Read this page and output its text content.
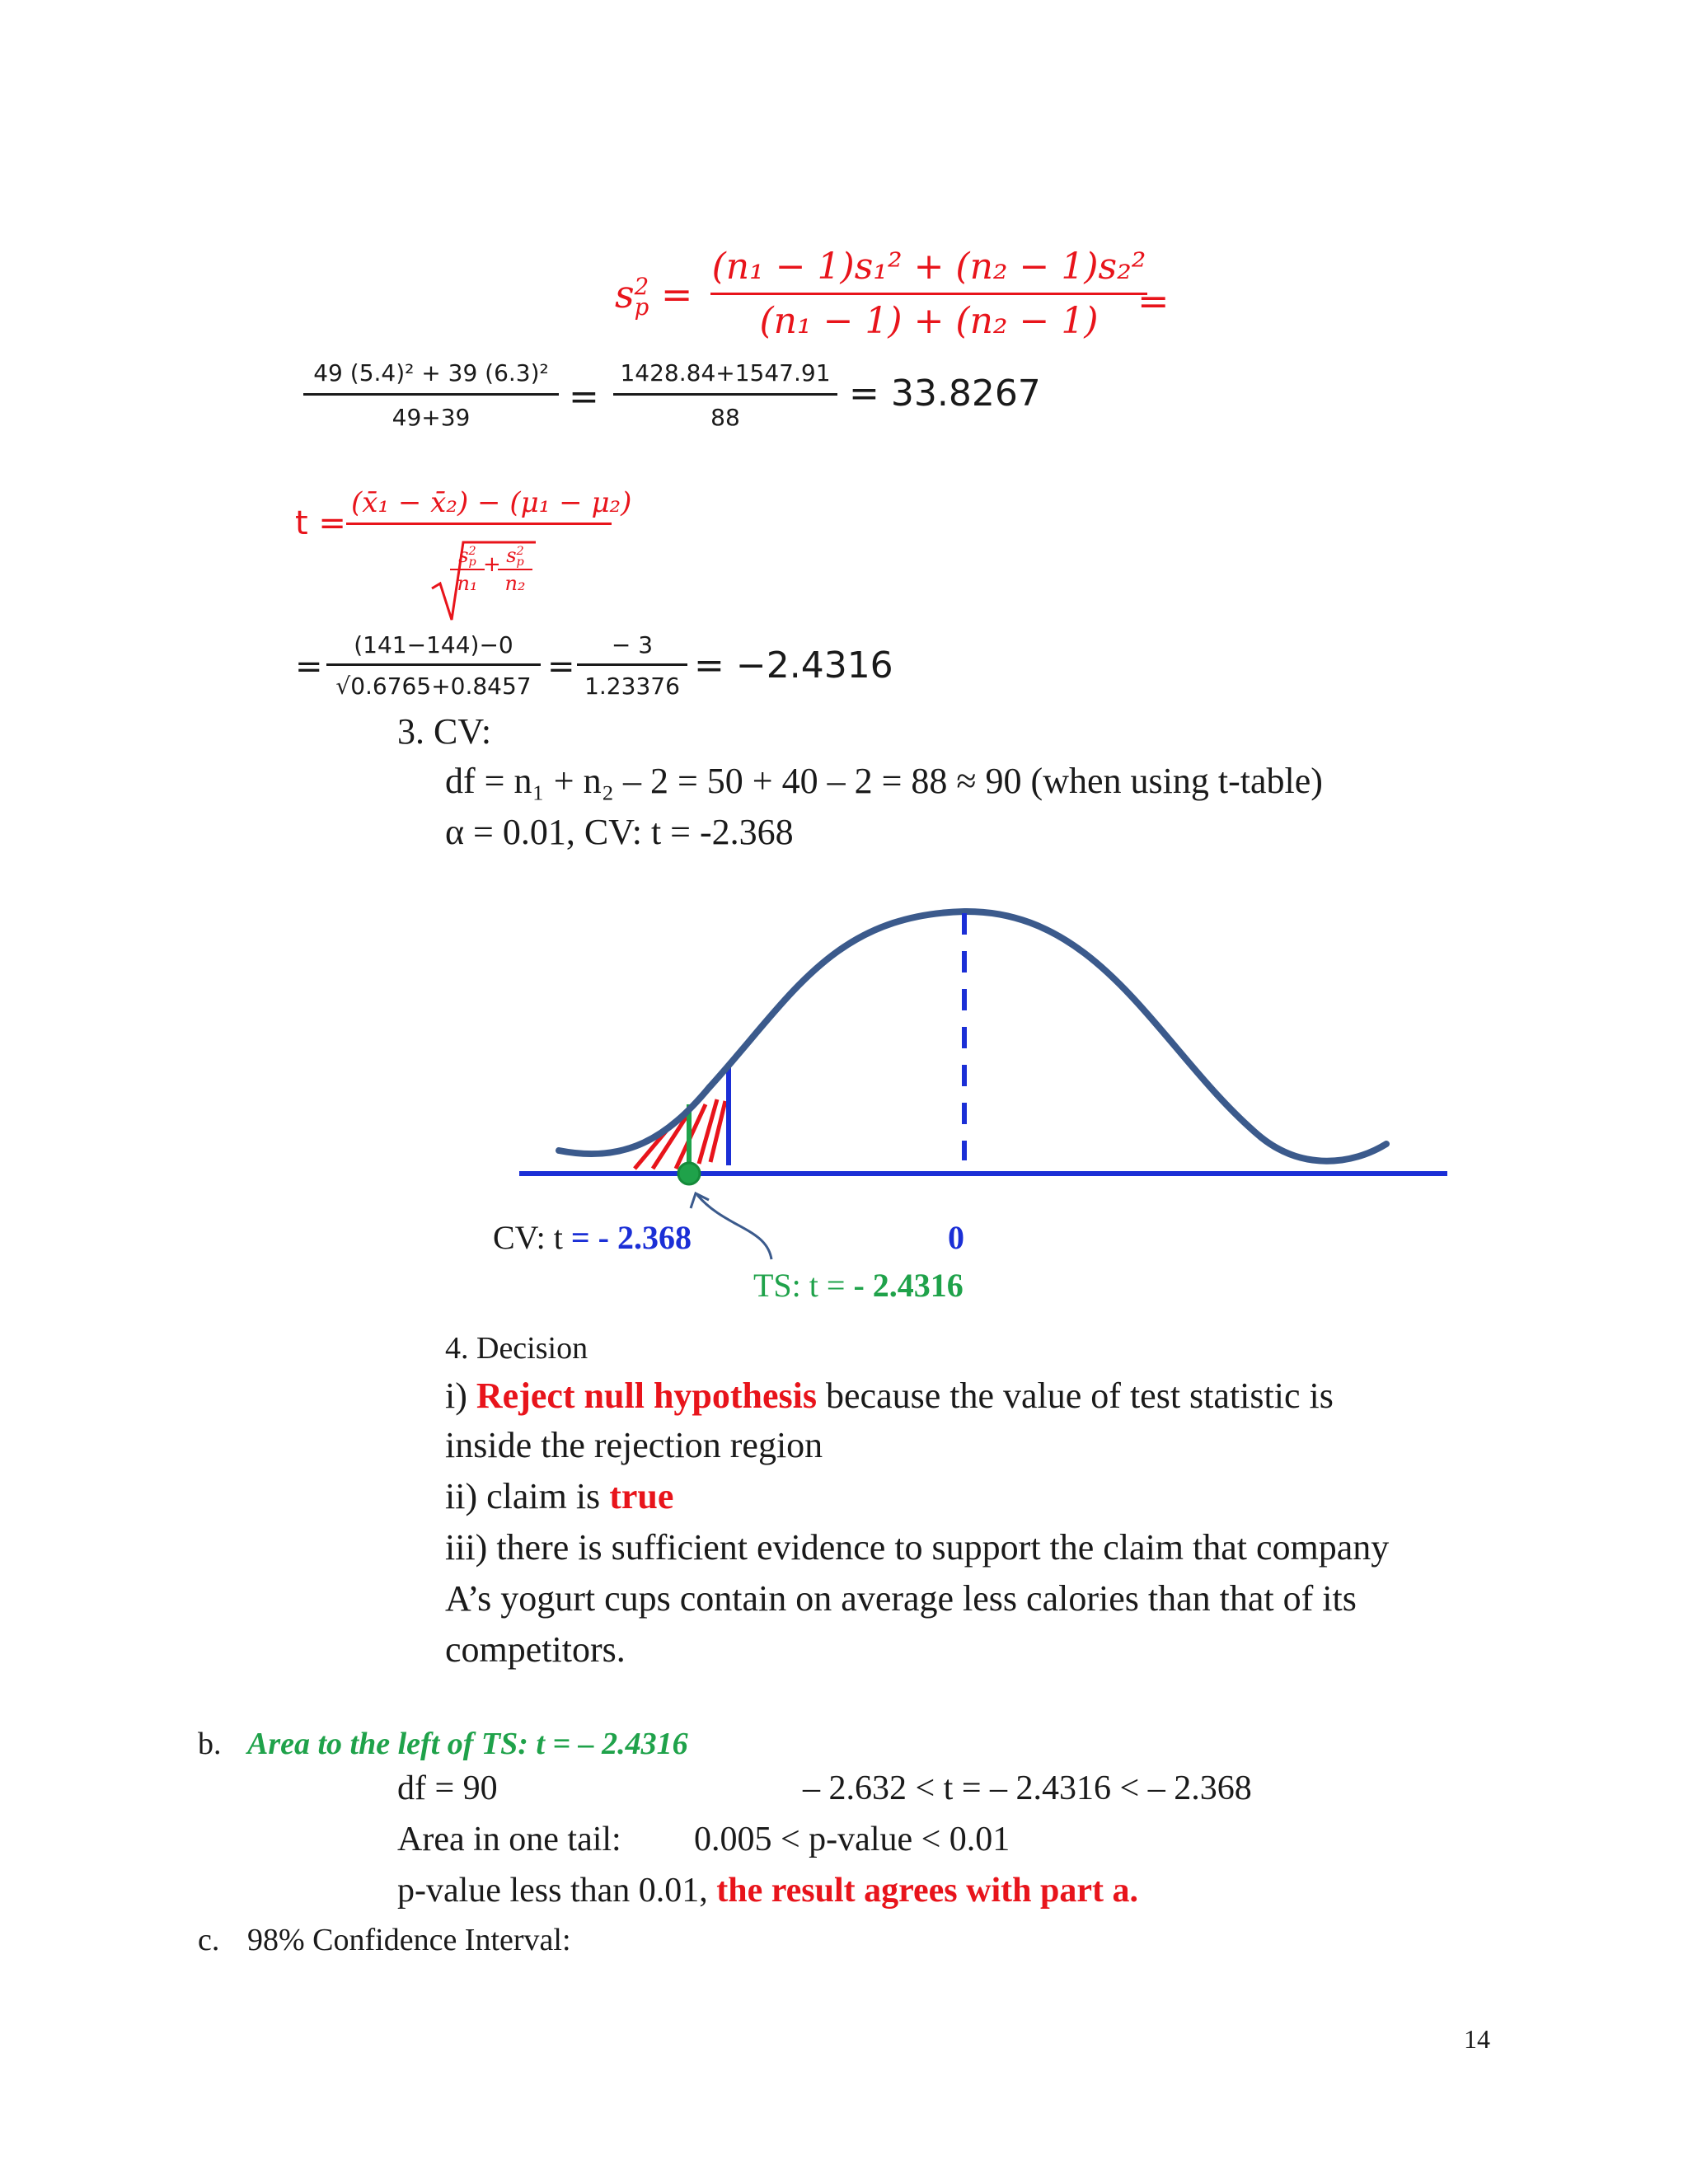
s 2
p =
(n₁ − 1)s₁² + (n₂ − 1)s₂²
(n₁ − 1) + (n₂ − 1)	=
49 (5.4)² + 39 (6.3)²
49+39	=
1428.84+1547.91
88
= 33.8267
t =
(x̄₁ − x̄₂) − (μ₁ − μ₂)
s 2
p
n₁
+ s 2
p
n₂
=
(141−144)−0
√0.6765+0.8457
=
− 3
1.23376 = −2.4316
3. CV:
df = n₁ + n₂ – 2 = 50 + 40 – 2 = 88 ≈ 90 (when using t-table)
α = 0.01, CV: t = -2.368
CV: t = - 2.368	0
TS: t = - 2.4316
4. Decision
i) Reject null hypothesis because the value of test statistic is
inside the rejection region
ii) claim is true
iii) there is sufficient evidence to support the claim that company
A’s yogurt cups contain on average less calories than that of its
competitors.
b. Area to the left of TS: t = – 2.4316
df = 90	– 2.632 < t = – 2.4316 < – 2.368
Area in one tail: 0.005 < p-value < 0.01
p-value less than 0.01, the result agrees with part a.
c. 98% Confidence Interval:
14
